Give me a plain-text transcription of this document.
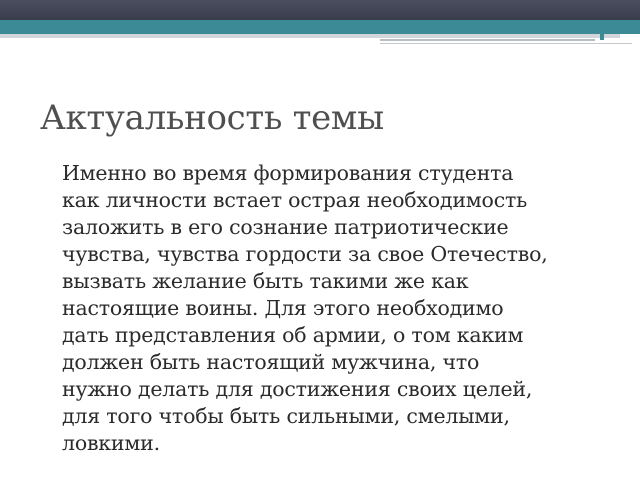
Актуальность темы

Именно во время формирования студента
как личности встает острая необходимость
заложить в его сознание патриотические
чувства, чувства гордости за свое Отечество,
вызвать желание быть такими же как
настоящие воины. Для этого необходимо
дать представления об армии, о том каким
должен быть настоящий мужчина, что
нужно делать для достижения своих целей,
для того чтобы быть сильными, смелыми,
ловкими.
